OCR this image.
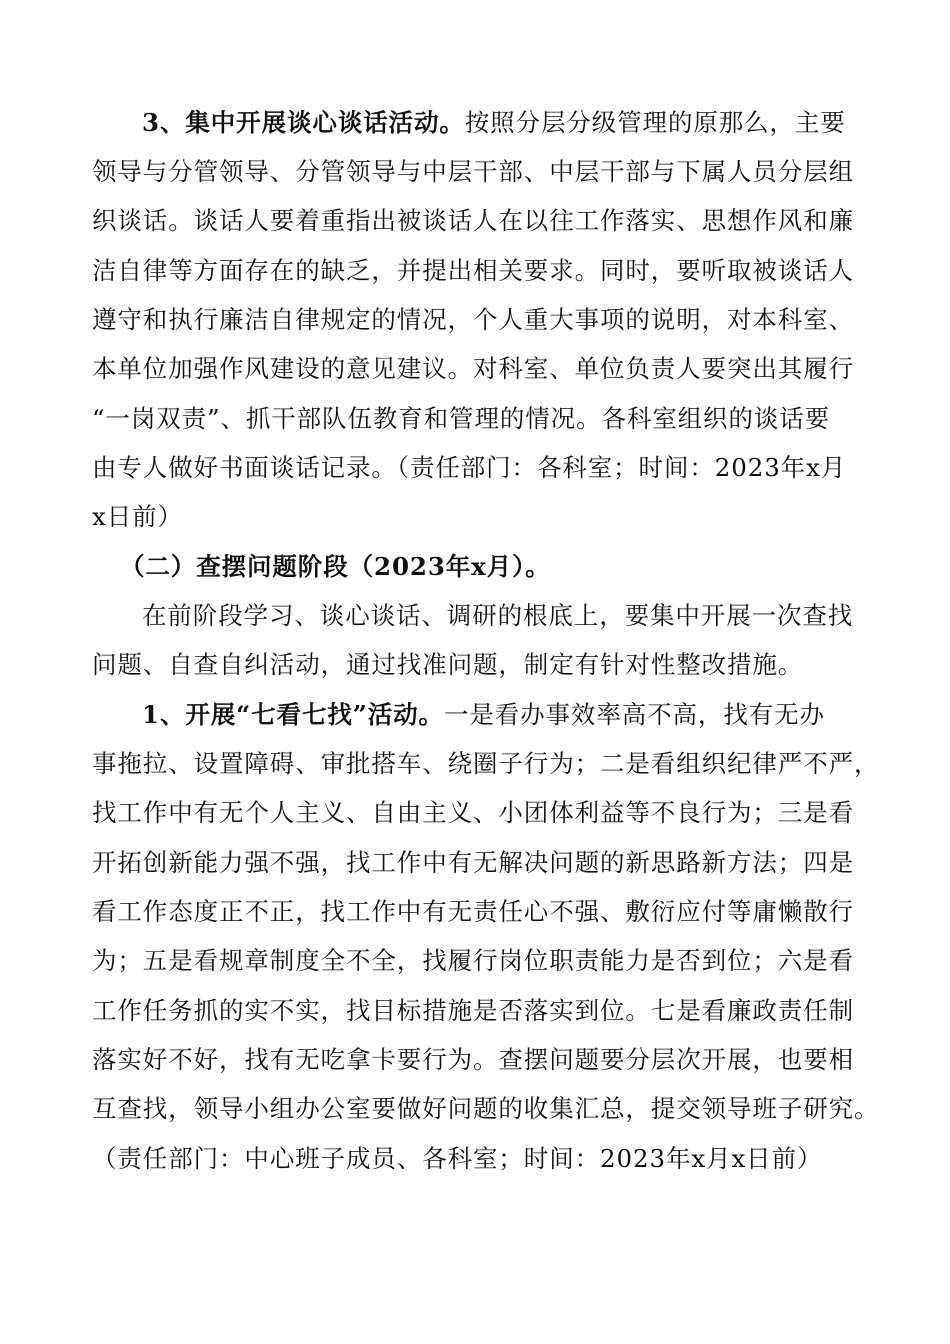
3、集中开展谈心谈话活动。按照分层分级管理的原那么，主要
领导与分管领导、分管领导与中层干部、中层干部与下属人员分层组
织谈话。谈话人要着重指出被谈话人在以往工作落实、思想作风和廉
洁自律等方面存在的缺乏，并提出相关要求。同时，要听取被谈话人
遵守和执行廉洁自律规定的情况，个人重大事项的说明，对本科室、
本单位加强作风建设的意见建议。对科室、单位负责人要突出其履行
“一岗双责”、抓干部队伍教育和管理的情况。各科室组织的谈话要
由专人做好书面谈话记录。（责任部门：各科室；时间：2023年x月
x日前）
（二）查摆问题阶段（2023年x月）。
在前阶段学习、谈心谈话、调研的根底上，要集中开展一次查找
问题、自查自纠活动，通过找准问题，制定有针对性整改措施。
1、开展“七看七找”活动。一是看办事效率高不高，找有无办
事拖拉、设置障碍、审批搭车、绕圈子行为；二是看组织纪律严不严，
找工作中有无个人主义、自由主义、小团体利益等不良行为；三是看
开拓创新能力强不强，找工作中有无解决问题的新思路新方法；四是
看工作态度正不正，找工作中有无责任心不强、敷衍应付等庸懒散行
为；五是看规章制度全不全，找履行岗位职责能力是否到位；六是看
工作任务抓的实不实，找目标措施是否落实到位。七是看廉政责任制
落实好不好，找有无吃拿卡要行为。查摆问题要分层次开展，也要相
互查找，领导小组办公室要做好问题的收集汇总，提交领导班子研究。
（责任部门：中心班子成员、各科室；时间：2023年x月x日前）
